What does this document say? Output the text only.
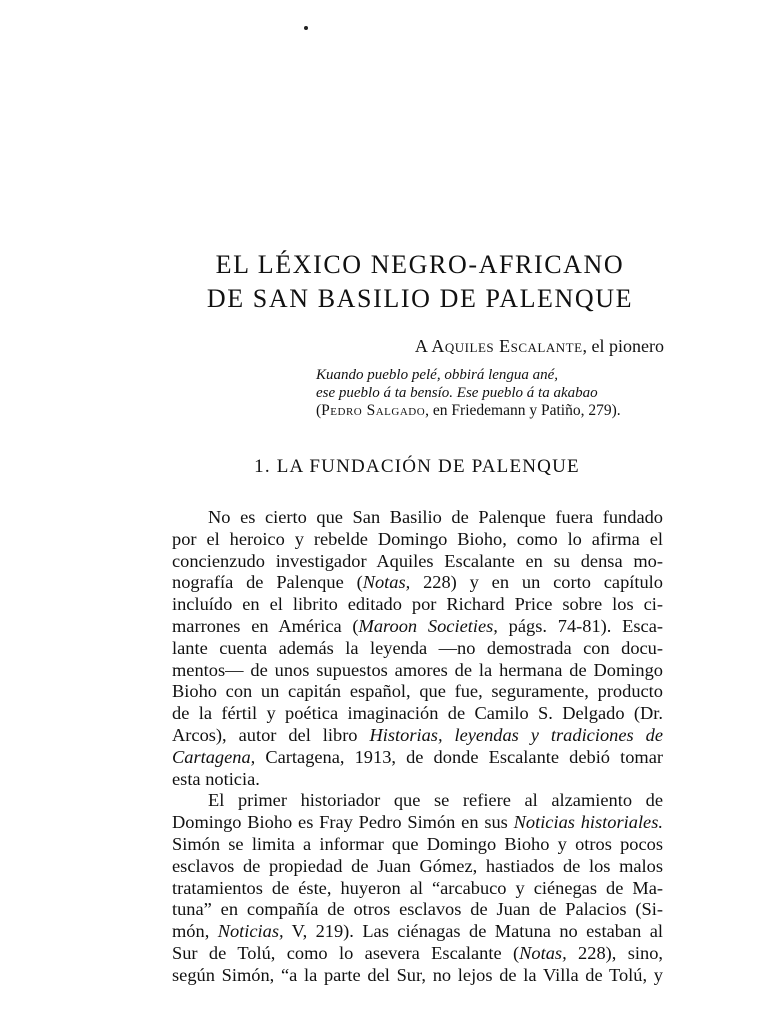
EL LÉXICO NEGRO-AFRICANO
DE SAN BASILIO DE PALENQUE
A Aquiles Escalante, el pionero
Kuando pueblo pelé, obbirá lengua ané,
ese pueblo á ta bensío. Ese pueblo á ta akabao
(Pedro Salgado, en Friedemann y Patiño, 279).
1. LA FUNDACIÓN DE PALENQUE
No es cierto que San Basilio de Palenque fuera fundado
por el heroico y rebelde Domingo Bioho, como lo afirma el
concienzudo investigador Aquiles Escalante en su densa mo-
nografía de Palenque (Notas, 228) y en un corto capítulo
incluído en el librito editado por Richard Price sobre los ci-
marrones en América (Maroon Societies, págs. 74-81). Esca-
lante cuenta además la leyenda —no demostrada con docu-
mentos— de unos supuestos amores de la hermana de Domingo
Bioho con un capitán español, que fue, seguramente, producto
de la fértil y poética imaginación de Camilo S. Delgado (Dr.
Arcos), autor del libro Historias, leyendas y tradiciones de
Cartagena, Cartagena, 1913, de donde Escalante debió tomar
esta noticia.
El primer historiador que se refiere al alzamiento de
Domingo Bioho es Fray Pedro Simón en sus Noticias historiales.
Simón se limita a informar que Domingo Bioho y otros pocos
esclavos de propiedad de Juan Gómez, hastiados de los malos
tratamientos de éste, huyeron al “arcabuco y ciénegas de Ma-
tuna” en compañía de otros esclavos de Juan de Palacios (Si-
món, Noticias, V, 219). Las ciénagas de Matuna no estaban al
Sur de Tolú, como lo asevera Escalante (Notas, 228), sino,
según Simón, “a la parte del Sur, no lejos de la Villa de Tolú, y
